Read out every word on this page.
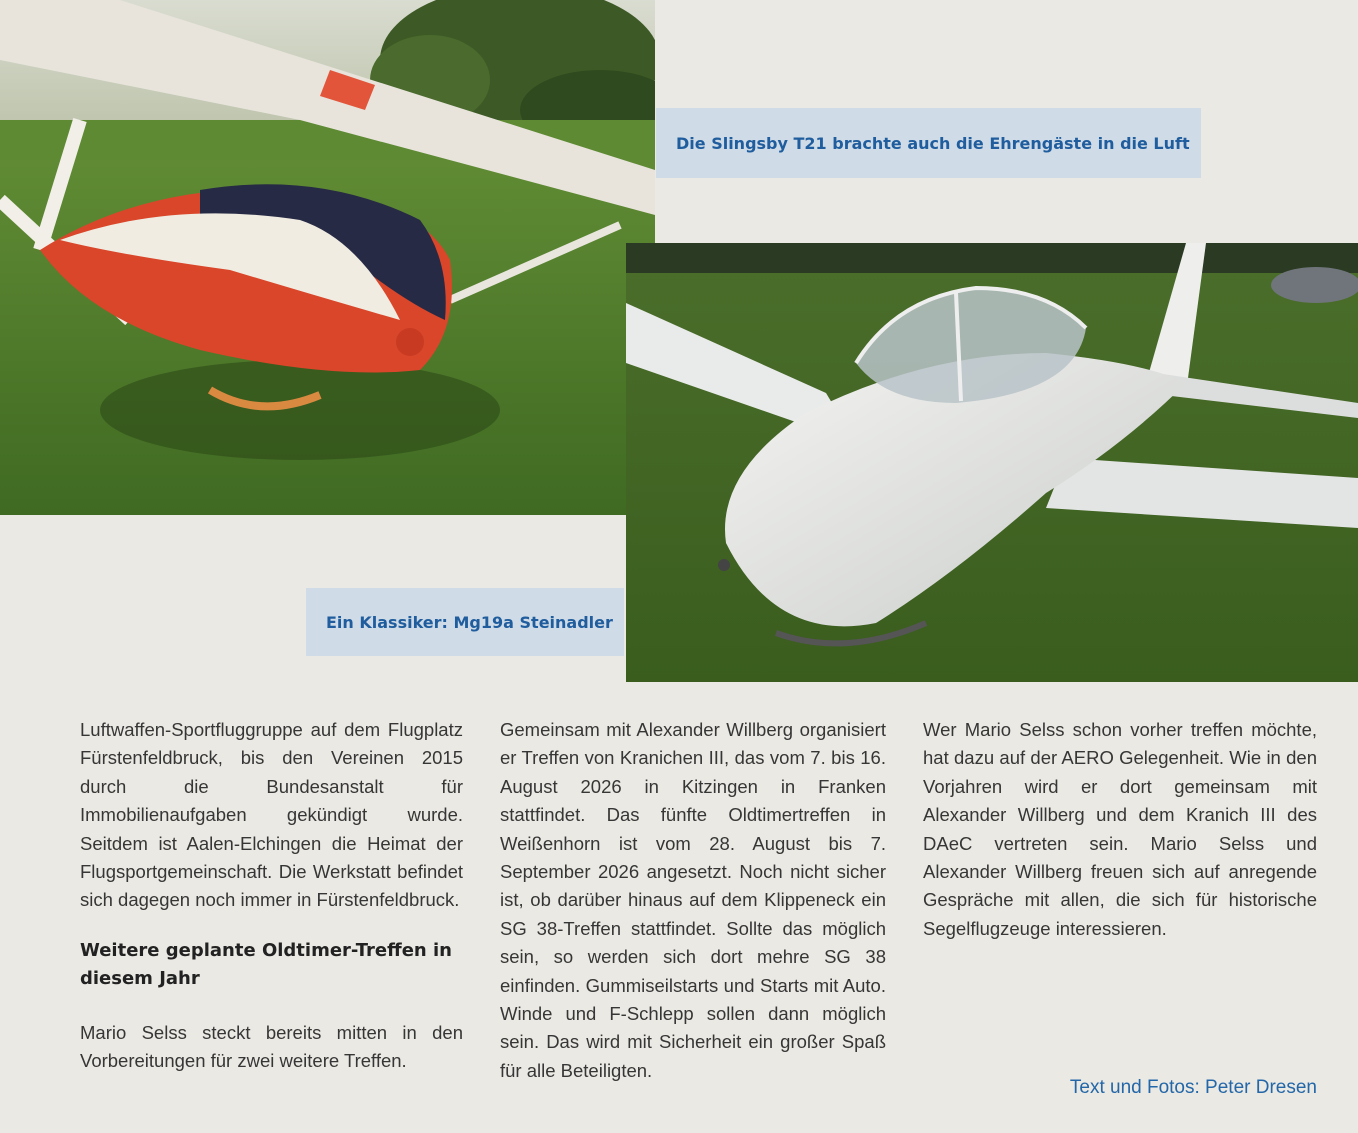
Die Slingsby T21 brachte auch die Ehrengäste in die Luft
Ein Klassiker: Mg19a Steinadler

Luftwaffen-Sportfluggruppe auf dem Flugplatz Fürstenfeldbruck, bis den Vereinen 2015 durch die Bundesanstalt für Immobilienaufgaben gekündigt wurde. Seitdem ist Aalen-Elchingen die Heimat der Flugsportgemeinschaft. Die Werkstatt befindet sich dagegen noch immer in Fürstenfeldbruck.

Weitere geplante Oldtimer-Treffen in diesem Jahr

Mario Selss steckt bereits mitten in den Vorbereitungen für zwei weitere Treffen.

Gemeinsam mit Alexander Willberg organisiert er Treffen von Kranichen III, das vom 7. bis 16. August 2026 in Kitzingen in Franken stattfindet. Das fünfte Oldtimertreffen in Weißenhorn ist vom 28. August bis 7. September 2026 angesetzt. Noch nicht sicher ist, ob darüber hinaus auf dem Klippeneck ein SG 38-Treffen stattfindet. Sollte das möglich sein, so werden sich dort mehre SG 38 einfinden. Gummiseilstarts und Starts mit Auto. Winde und F-Schlepp sollen dann möglich sein. Das wird mit Sicherheit ein großer Spaß für alle Beteiligten.

Wer Mario Selss schon vorher treffen möchte, hat dazu auf der AERO Gelegenheit. Wie in den Vorjahren wird er dort gemeinsam mit Alexander Willberg und dem Kranich III des DAeC vertreten sein. Mario Selss und Alexander Willberg freuen sich auf anregende Gespräche mit allen, die sich für historische Segelflugzeuge interessieren.

Text und Fotos: Peter Dresen
